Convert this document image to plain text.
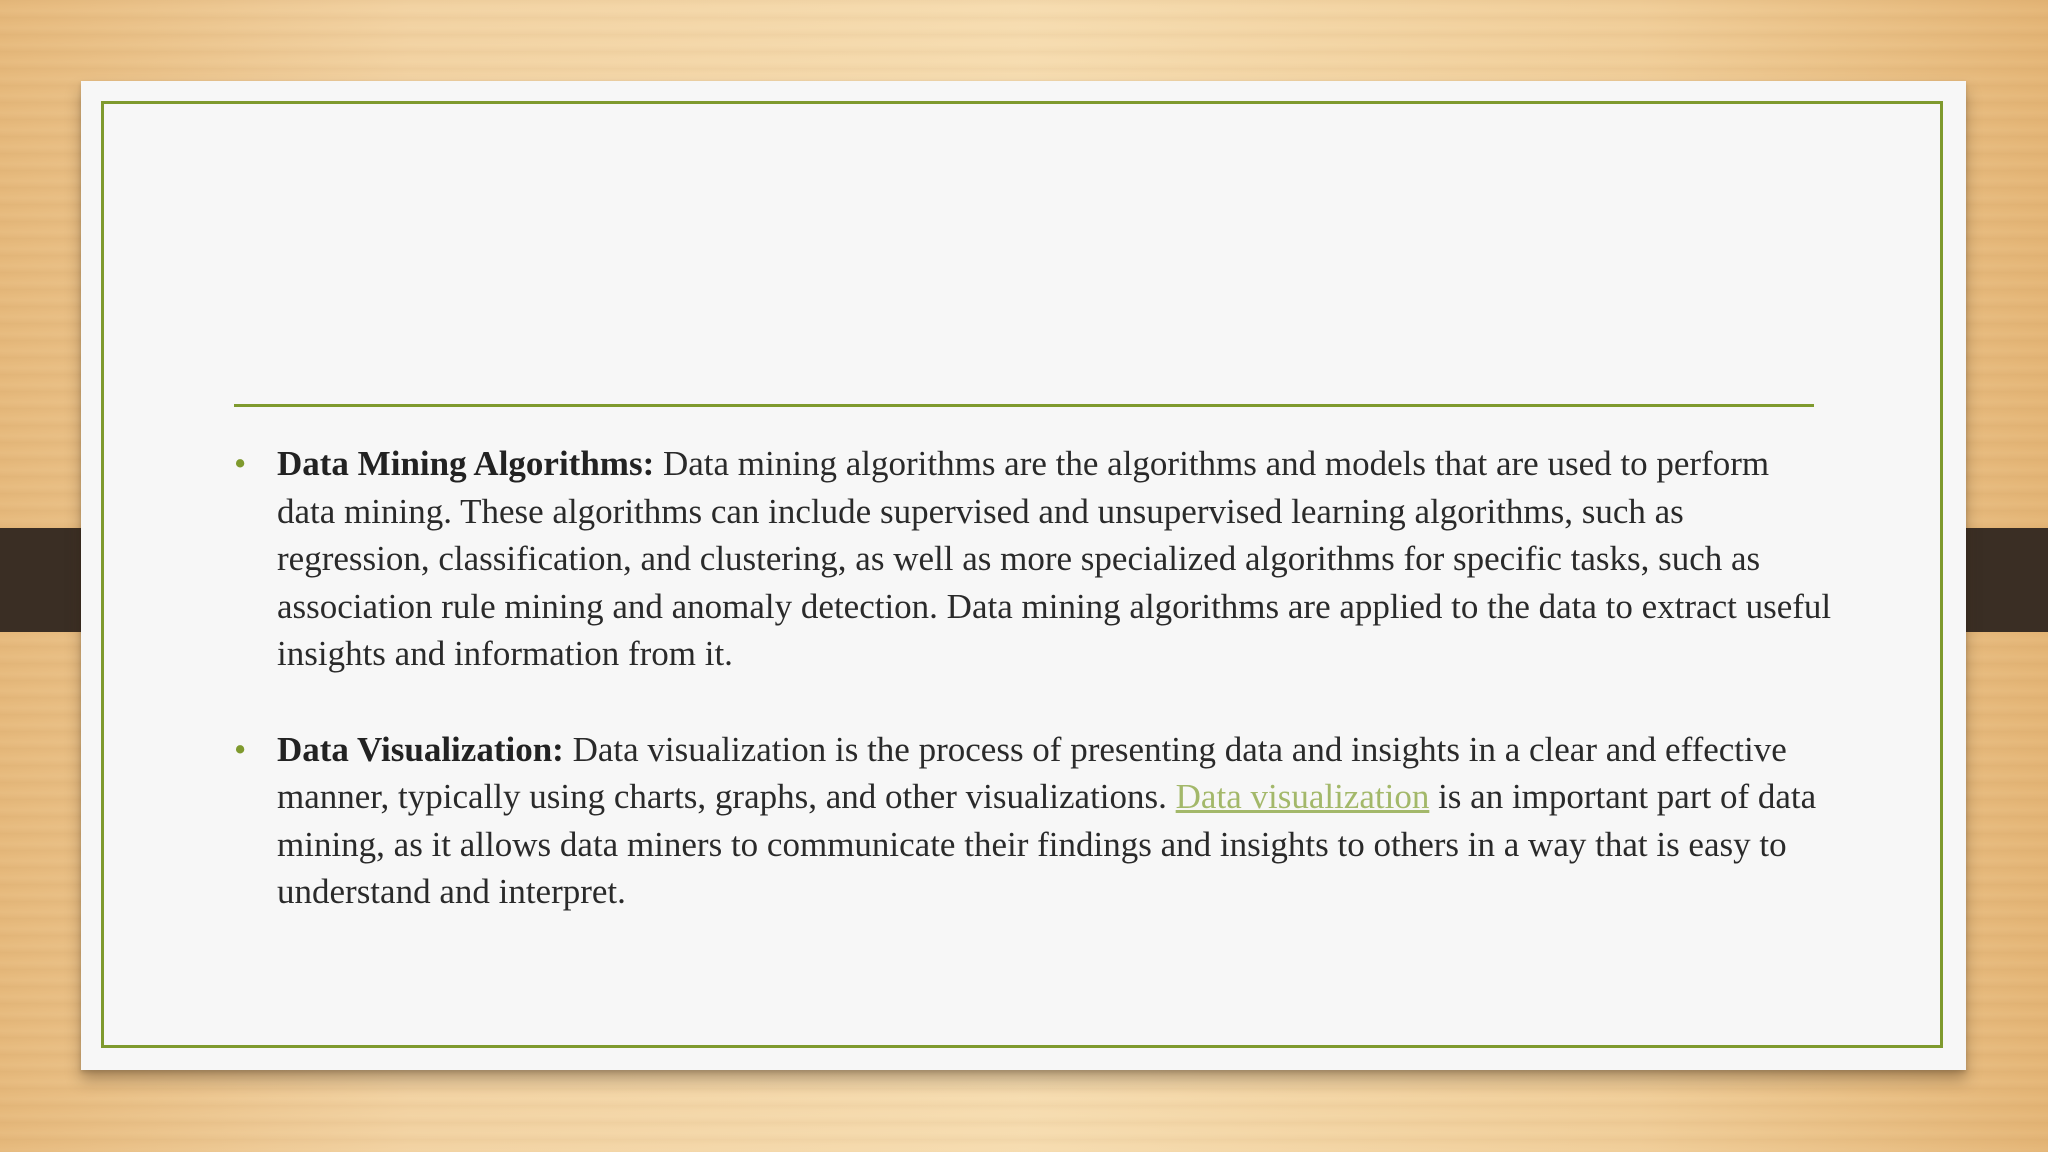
• Data Mining Algorithms: Data mining algorithms are the algorithms and models that are used to perform data mining. These algorithms can include supervised and unsupervised learning algorithms, such as regression, classification, and clustering, as well as more specialized algorithms for specific tasks, such as association rule mining and anomaly detection. Data mining algorithms are applied to the data to extract useful insights and information from it.
• Data Visualization: Data visualization is the process of presenting data and insights in a clear and effective manner, typically using charts, graphs, and other visualizations. Data visualization is an important part of data mining, as it allows data miners to communicate their findings and insights to others in a way that is easy to understand and interpret.
